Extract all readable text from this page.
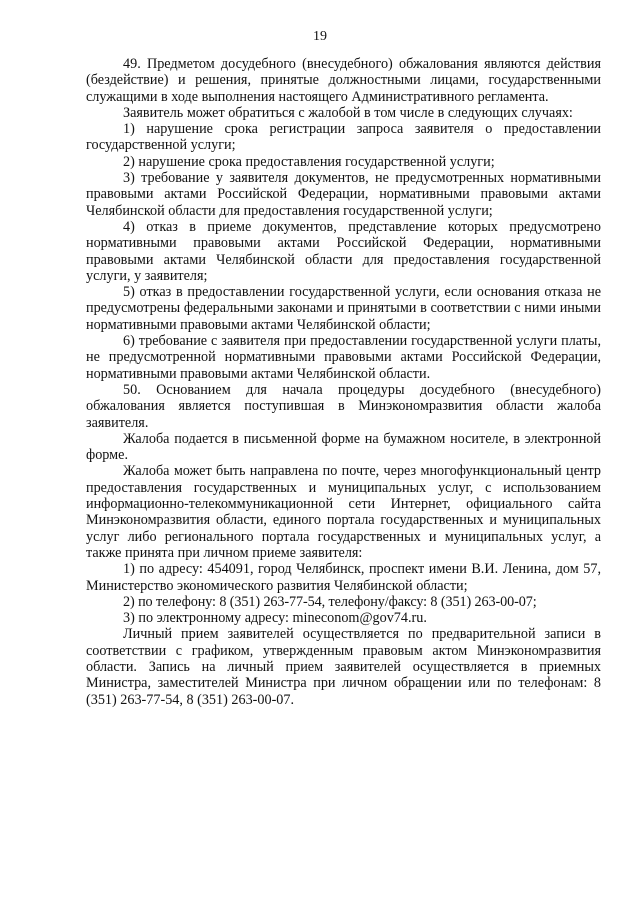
19

49. Предметом досудебного (внесудебного) обжалования являются действия (бездействие) и решения, принятые должностными лицами, государственными служащими в ходе выполнения настоящего Административного регламента.

Заявитель может обратиться с жалобой в том числе в следующих случаях:

1) нарушение срока регистрации запроса заявителя о предоставлении государственной услуги;

2) нарушение срока предоставления государственной услуги;

3) требование у заявителя документов, не предусмотренных нормативными правовыми актами Российской Федерации, нормативными правовыми актами Челябинской области для предоставления государственной услуги;

4) отказ в приеме документов, представление которых предусмотрено нормативными правовыми актами Российской Федерации, нормативными правовыми актами Челябинской области для предоставления государственной услуги, у заявителя;

5) отказ в предоставлении государственной услуги, если основания отказа не предусмотрены федеральными законами и принятыми в соответствии с ними иными нормативными правовыми актами Челябинской области;

6) требование с заявителя при предоставлении государственной услуги платы, не предусмотренной нормативными правовыми актами Российской Федерации, нормативными правовыми актами Челябинской области.

50. Основанием для начала процедуры досудебного (внесудебного) обжалования является поступившая в Минэкономразвития области жалоба заявителя.

Жалоба подается в письменной форме на бумажном носителе, в электронной форме.

Жалоба может быть направлена по почте, через многофункциональный центр предоставления государственных и муниципальных услуг, с использованием информационно-телекоммуникационной сети Интернет, официального сайта Минэкономразвития области, единого портала государственных и муниципальных услуг либо регионального портала государственных и муниципальных услуг, а также принята при личном приеме заявителя:

1) по адресу: 454091, город Челябинск, проспект имени В.И. Ленина, дом 57, Министерство экономического развития Челябинской области;

2) по телефону: 8 (351) 263-77-54, телефону/факсу: 8 (351) 263-00-07;

3) по электронному адресу: mineconom@gov74.ru.

Личный прием заявителей осуществляется по предварительной записи в соответствии с графиком, утвержденным правовым актом Минэкономразвития области. Запись на личный прием заявителей осуществляется в приемных Министра, заместителей Министра при личном обращении или по телефонам: 8 (351) 263-77-54, 8 (351) 263-00-07.
